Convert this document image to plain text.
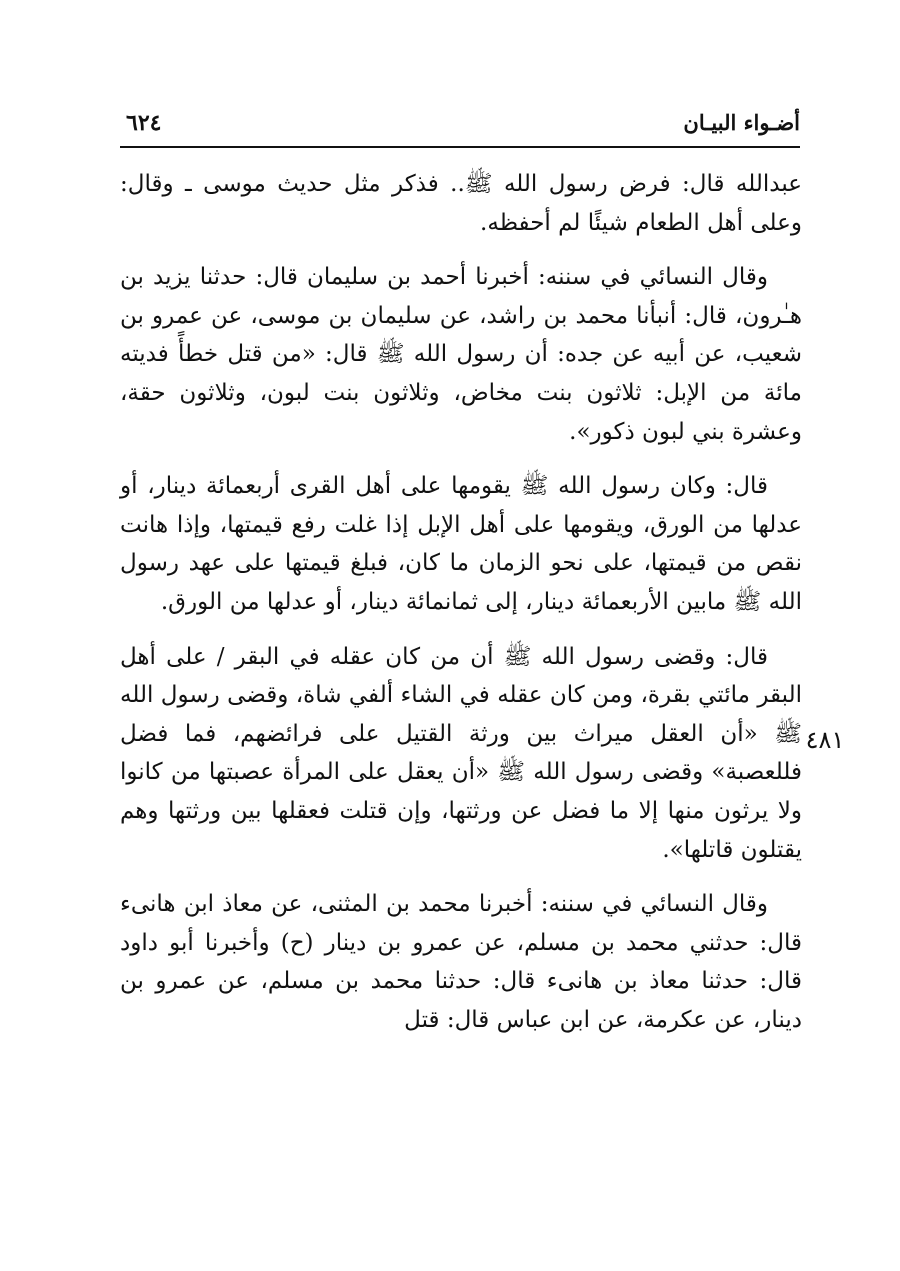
أضـواء البيـان
٦٢٤
٤٨١

عبدالله قال: فرض رسول الله ﷺ.. فذكر مثل حديث موسى ـ وقال: وعلى أهل الطعام شيئًا لم أحفظه.

وقال النسائي في سننه: أخبرنا أحمد بن سليمان قال: حدثنا يزيد بن هـٰرون، قال: أنبأنا محمد بن راشد، عن سليمان بن موسى، عن عمرو بن شعيب، عن أبيه عن جده: أن رسول الله ﷺ قال: «من قتل خطأً فديته مائة من الإبل: ثلاثون بنت مخاض، وثلاثون بنت لبون، وثلاثون حقة، وعشرة بني لبون ذكور».

قال: وكان رسول الله ﷺ يقومها على أهل القرى أربعمائة دينار، أو عدلها من الورق، ويقومها على أهل الإبل إذا غلت رفع قيمتها، وإذا هانت نقص من قيمتها، على نحو الزمان ما كان، فبلغ قيمتها على عهد رسول الله ﷺ مابين الأربعمائة دينار، إلى ثمانمائة دينار، أو عدلها من الورق.

قال: وقضى رسول الله ﷺ أن من كان عقله في البقر / على أهل البقر مائتي بقرة، ومن كان عقله في الشاء ألفي شاة، وقضى رسول الله ﷺ «أن العقل ميراث بين ورثة القتيل على فرائضهم، فما فضل فللعصبة» وقضى رسول الله ﷺ «أن يعقل على المرأة عصبتها من كانوا ولا يرثون منها إلا ما فضل عن ورثتها، وإن قتلت فعقلها بين ورثتها وهم يقتلون قاتلها».

وقال النسائي في سننه: أخبرنا محمد بن المثنى، عن معاذ ابن هانىء قال: حدثني محمد بن مسلم، عن عمرو بن دينار (ح) وأخبرنا أبو داود قال: حدثنا معاذ بن هانىء قال: حدثنا محمد بن مسلم، عن عمرو بن دينار، عن عكرمة، عن ابن عباس قال: قتل
